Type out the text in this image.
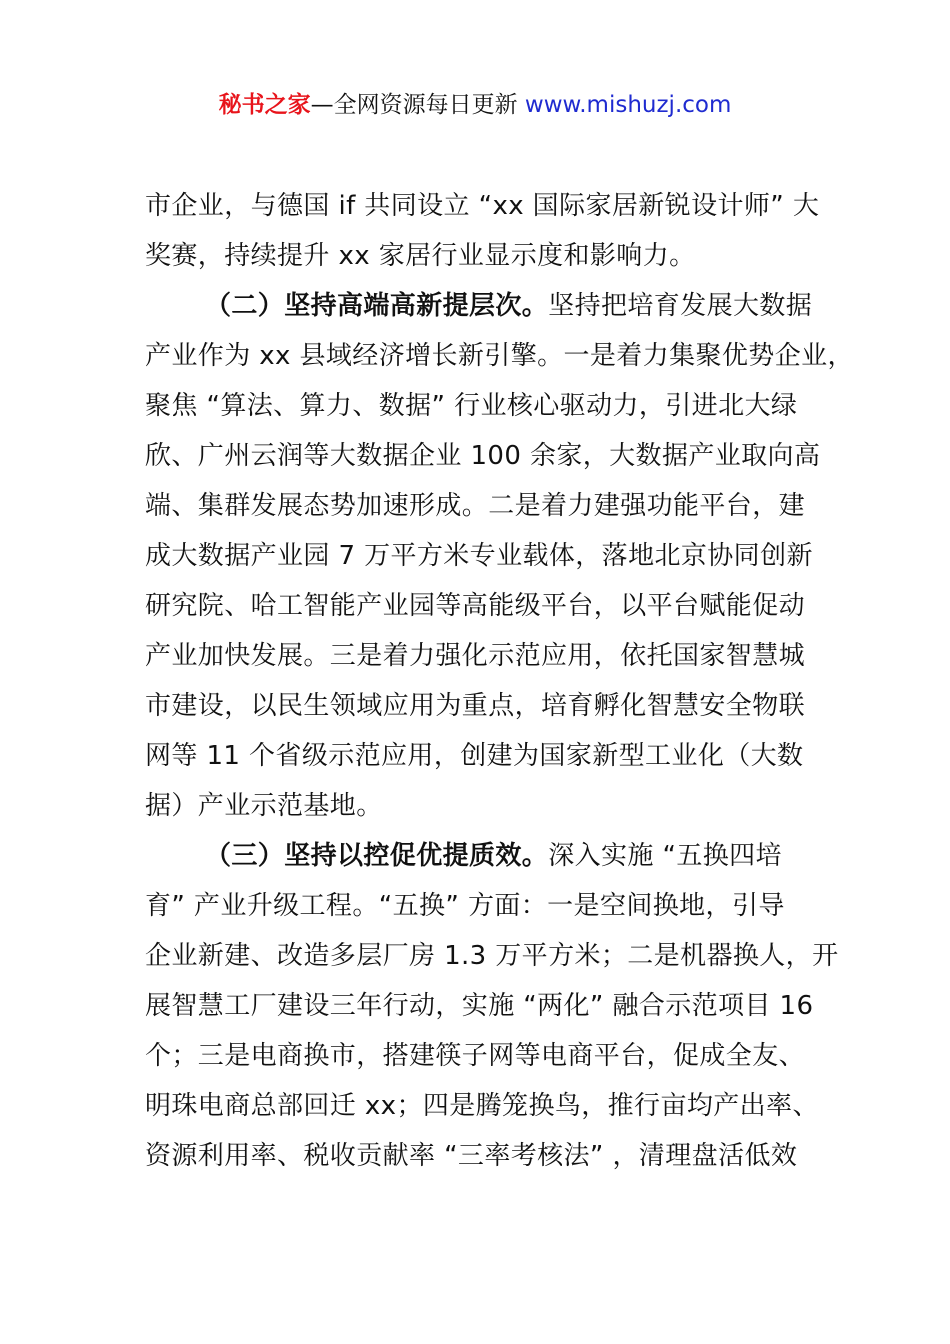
秘书之家—全网资源每日更新 www.mishuzj.com
市企业，与德国 if 共同设立 “xx 国际家居新锐设计师” 大
奖赛，持续提升 xx 家居行业显示度和影响力。
（二）坚持高端高新提层次。坚持把培育发展大数据
产业作为 xx 县域经济增长新引擎。一是着力集聚优势企业，
聚焦 “算法、算力、数据” 行业核心驱动力，引进北大绿
欣、广州云润等大数据企业 100 余家，大数据产业取向高
端、集群发展态势加速形成。二是着力建强功能平台，建
成大数据产业园 7 万平方米专业载体，落地北京协同创新
研究院、哈工智能产业园等高能级平台，以平台赋能促动
产业加快发展。三是着力强化示范应用，依托国家智慧城
市建设，以民生领域应用为重点，培育孵化智慧安全物联
网等 11 个省级示范应用，创建为国家新型工业化（大数
据）产业示范基地。
（三）坚持以控促优提质效。深入实施 “五换四培
育” 产业升级工程。“五换” 方面：一是空间换地，引导
企业新建、改造多层厂房 1.3 万平方米；二是机器换人，开
展智慧工厂建设三年行动，实施 “两化” 融合示范项目 16
个；三是电商换市，搭建筷子网等电商平台，促成全友、
明珠电商总部回迁 xx；四是腾笼换鸟，推行亩均产出率、
资源利用率、税收贡献率 “三率考核法” ，清理盘活低效
